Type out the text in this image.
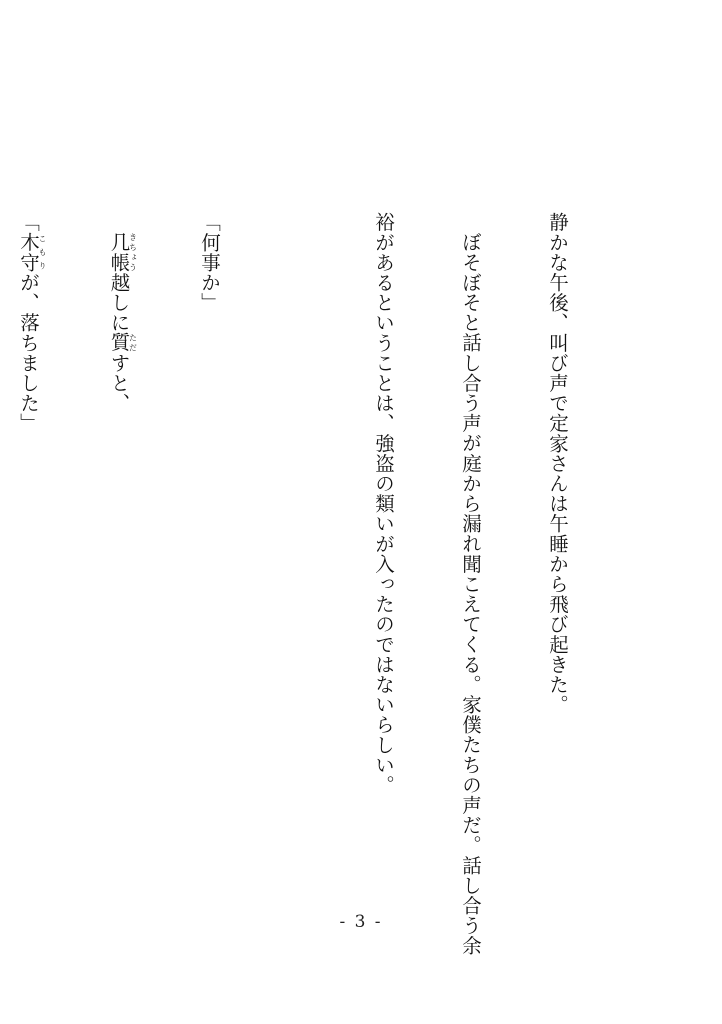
静かな午後、叫び声で定家さんは午睡から飛び起きた。

ぼそぼそと話し合う声が庭から漏れ聞こえてくる。家僕たちの声だ。話し合う余

裕があるということは、強盗の類いが入ったのではないらしい。

「何事か」

几帳きちょう越しに質ただすと、

「木守こもりが、落ちました」

- 3 -
